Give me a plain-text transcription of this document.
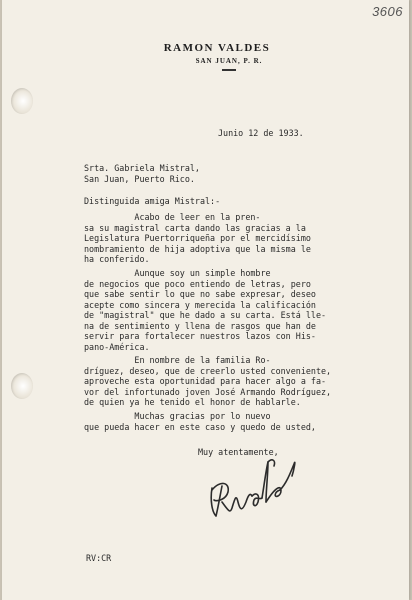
3606
RAMON VALDES
SAN JUAN, P. R.
Junio 12 de 1933.
Srta. Gabriela Mistral,
San Juan, Puerto Rico.
Distinguida amiga Mistral:-
Acabo de leer en la pren-
sa su magistral carta dando las gracias a la
Legislatura Puertorriqueña por el mercidísimo
nombramiento de hija adoptiva que la misma le
ha conferido.
Aunque soy un simple hombre
de negocios que poco entiendo de letras, pero
que sabe sentir lo que no sabe expresar, deseo
acepte como sincera y merecida la calificación
de "magistral" que he dado a su carta. Está lle-
na de sentimiento y llena de rasgos que han de
servir para fortalecer nuestros lazos con His-
pano-América.
En nombre de la familia Ro-
dríguez, deseo, que de creerlo usted conveniente,
aproveche esta oportunidad para hacer algo a fa-
vor del infortunado joven José Armando Rodríguez,
de quien ya he tenido el honor de hablarle.
Muchas gracias por lo nuevo
que pueda hacer en este caso y quedo de usted,
Muy atentamente,
RV:CR
